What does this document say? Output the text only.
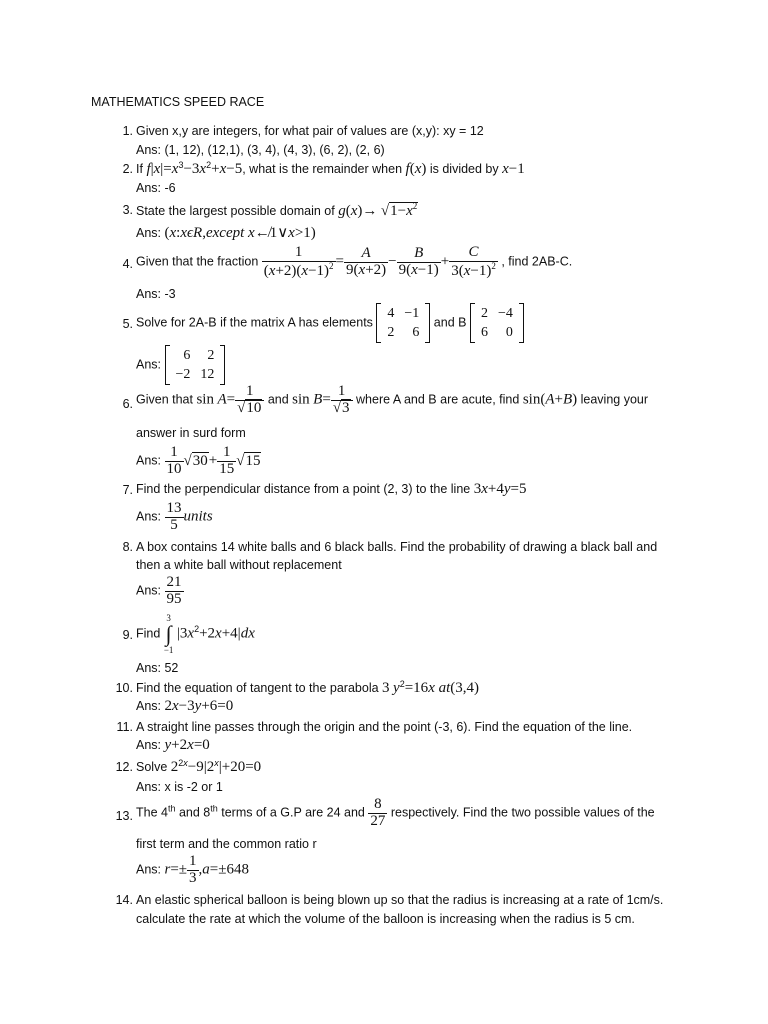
MATHEMATICS SPEED RACE
1. Given x,y are integers, for what pair of values are (x,y): xy = 12
Ans: (1, 12), (12,1), (3, 4), (4, 3), (6, 2), (2, 6)
2. If $f|x|=x^3-3x^2+x-5$, what is the remainder when f(x) is divided by x−1
Ans: -6
3. State the largest possible domain of $g(x)\to √1-x^2$
Ans: (x:xϵR,except x↚1∨x>1)
4. Given that the fraction $\frac{1}{(x+2)(x-1)^2} = \frac{A}{9(x+2)} - \frac{B}{9(x-1)} + \frac{C}{3(x-1)^2}$ , find 2AB-C.
Ans: -3
5. Solve for 2A-B if the matrix A has elements
4	−1
2	6
and B
2	−4
6	0
Ans:
6	2
−2	12
6. Given that $\sin A= \frac{1}{√10}$ and $\sin B= \frac{1}{√3}$ where A and B are acute, find sin(A+B) leaving your
answer in surd form
Ans: $\frac{1}{10} √30+ \frac{1}{15} √15$
7. Find the perpendicular distance from a point (2, 3) to the line 3x+4y=5
Ans: $\frac{13}{5}$ units
8. A box contains 14 white balls and 6 black balls. Find the probability of drawing a black ball and
then a white ball without replacement
Ans: $\frac{21}{95}$
9. Find 3
∫
−1 $|3x^2+2x+4|dx$
Ans: 52
10. Find the equation of tangent to the parabola 3 $y^2=16x$ at(3,4)
Ans: 2x−3y+6=0
11. A straight line passes through the origin and the point (-3, 6). Find the equation of the line.
Ans: y+2x=0
12. Solve $2^{2x}-9|2^x|+20=0$
Ans: x is -2 or 1
13. The 4th and 8th terms of a G.P are 24 and $\frac{8}{27}$ respectively. Find the two possible values of the
first term and the common ratio r
Ans: $r=\pm \frac{1}{3} ,a=\pm 648$
14. An elastic spherical balloon is being blown up so that the radius is increasing at a rate of 1cm/s.
calculate the rate at which the volume of the balloon is increasing when the radius is 5 cm.
